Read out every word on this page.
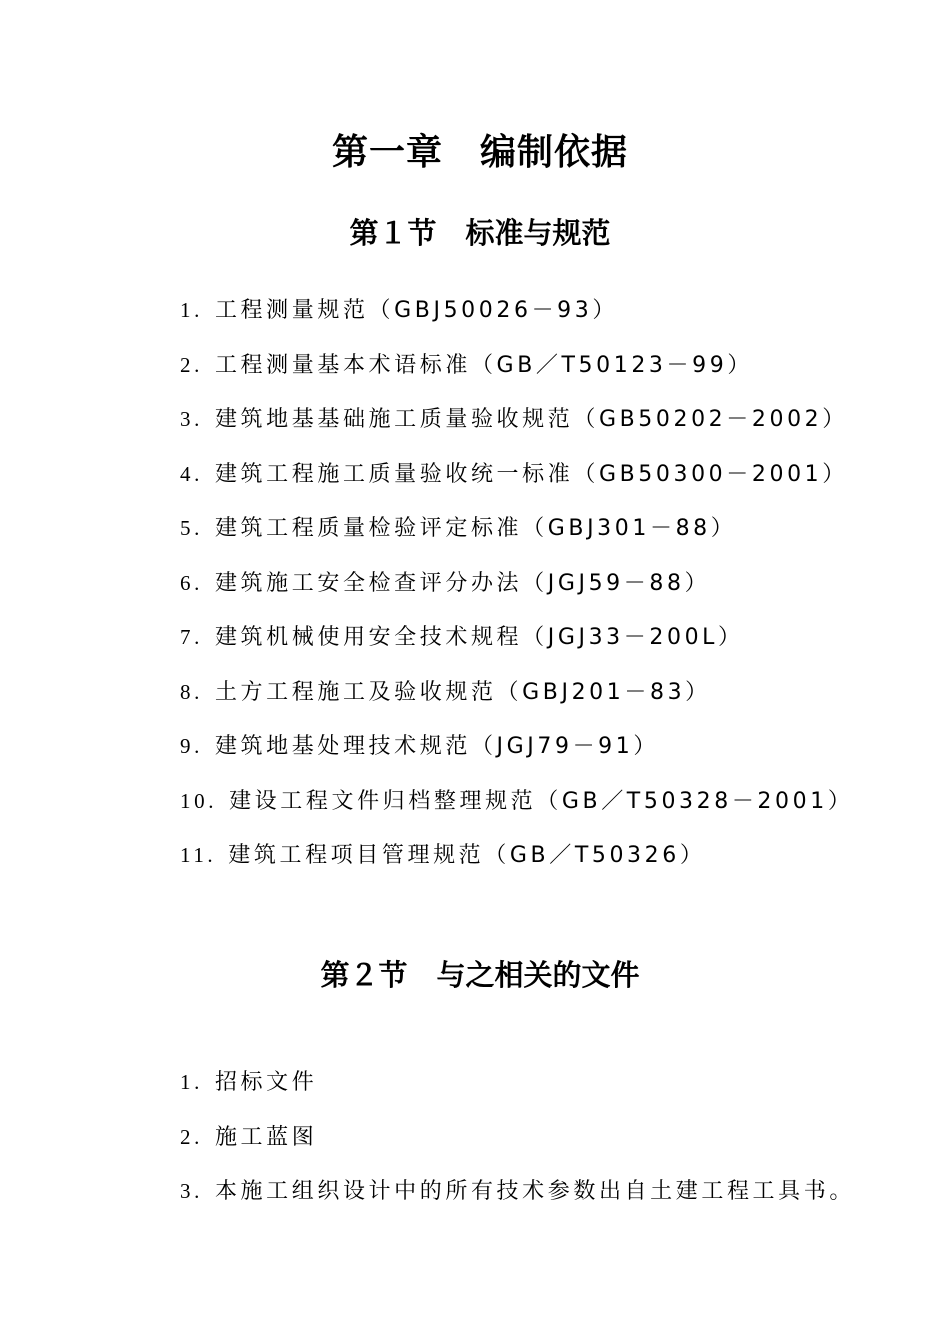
第一章　编制依据
第１节　标准与规范
1. 工程测量规范（GBJ50026－93）
2. 工程测量基本术语标准（GB／T50123－99）
3. 建筑地基基础施工质量验收规范（GB50202－2002）
4. 建筑工程施工质量验收统一标准（GB50300－2001）
5. 建筑工程质量检验评定标准（GBJ301－88）
6. 建筑施工安全检查评分办法（JGJ59－88）
7. 建筑机械使用安全技术规程（JGJ33－200L）
8. 土方工程施工及验收规范（GBJ201－83）
9. 建筑地基处理技术规范（JGJ79－91）
10. 建设工程文件归档整理规范（GB／T50328－2001）
11. 建筑工程项目管理规范（GB／T50326）
第２节　与之相关的文件
1. 招标文件
2. 施工蓝图
3. 本施工组织设计中的所有技术参数出自土建工程工具书。
